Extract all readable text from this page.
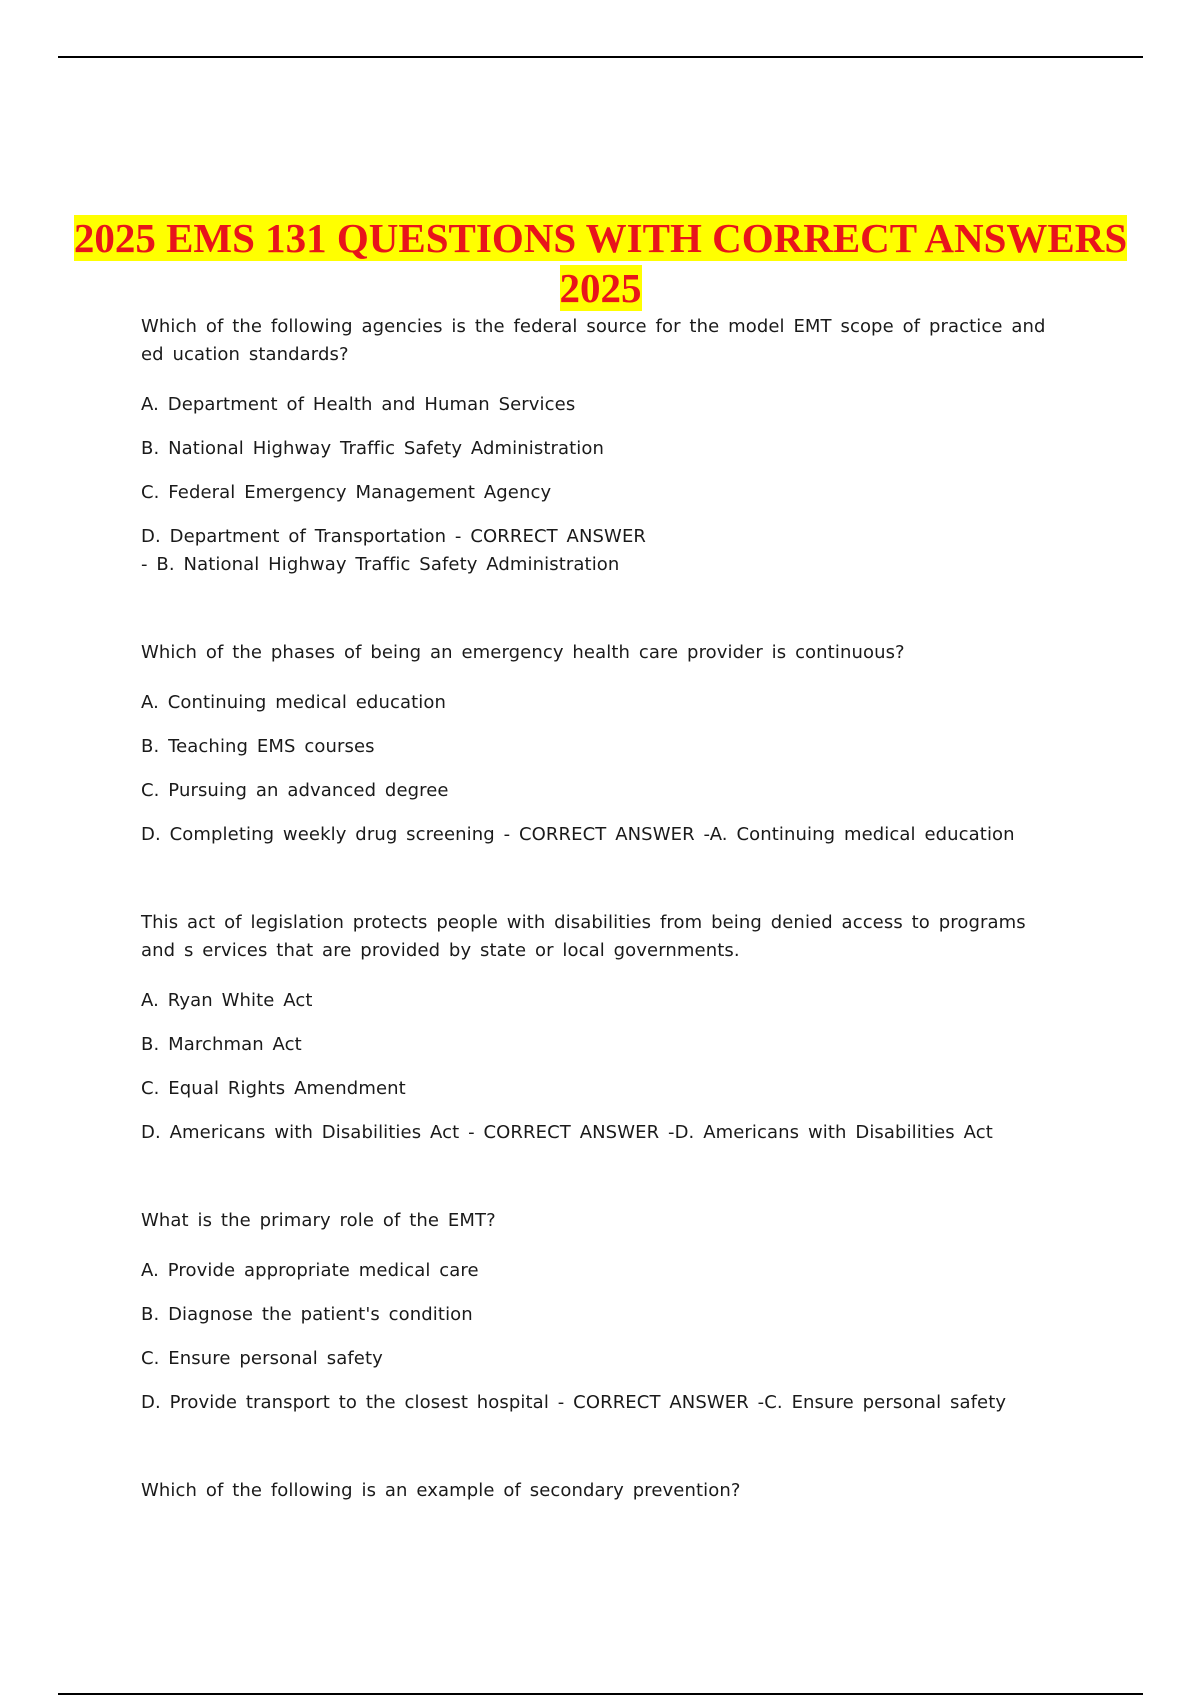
2025 EMS 131 QUESTIONS WITH CORRECT ANSWERS 2025

Which of the following agencies is the federal source for the model EMT scope of practice and ed ucation standards?

A. Department of Health and Human Services

B. National Highway Traffic Safety Administration

C. Federal Emergency Management Agency

D. Department of Transportation - CORRECT ANSWER - B. National Highway Traffic Safety Administration

Which of the phases of being an emergency health care provider is continuous?

A. Continuing medical education

B. Teaching EMS courses

C. Pursuing an advanced degree

D. Completing weekly drug screening - CORRECT ANSWER -A. Continuing medical education

This act of legislation protects people with disabilities from being denied access to programs and s ervices that are provided by state or local governments.

A. Ryan White Act

B. Marchman Act

C. Equal Rights Amendment

D. Americans with Disabilities Act - CORRECT ANSWER -D. Americans with Disabilities Act

What is the primary role of the EMT?

A. Provide appropriate medical care

B. Diagnose the patient's condition

C. Ensure personal safety

D. Provide transport to the closest hospital - CORRECT ANSWER -C. Ensure personal safety

Which of the following is an example of secondary prevention?
